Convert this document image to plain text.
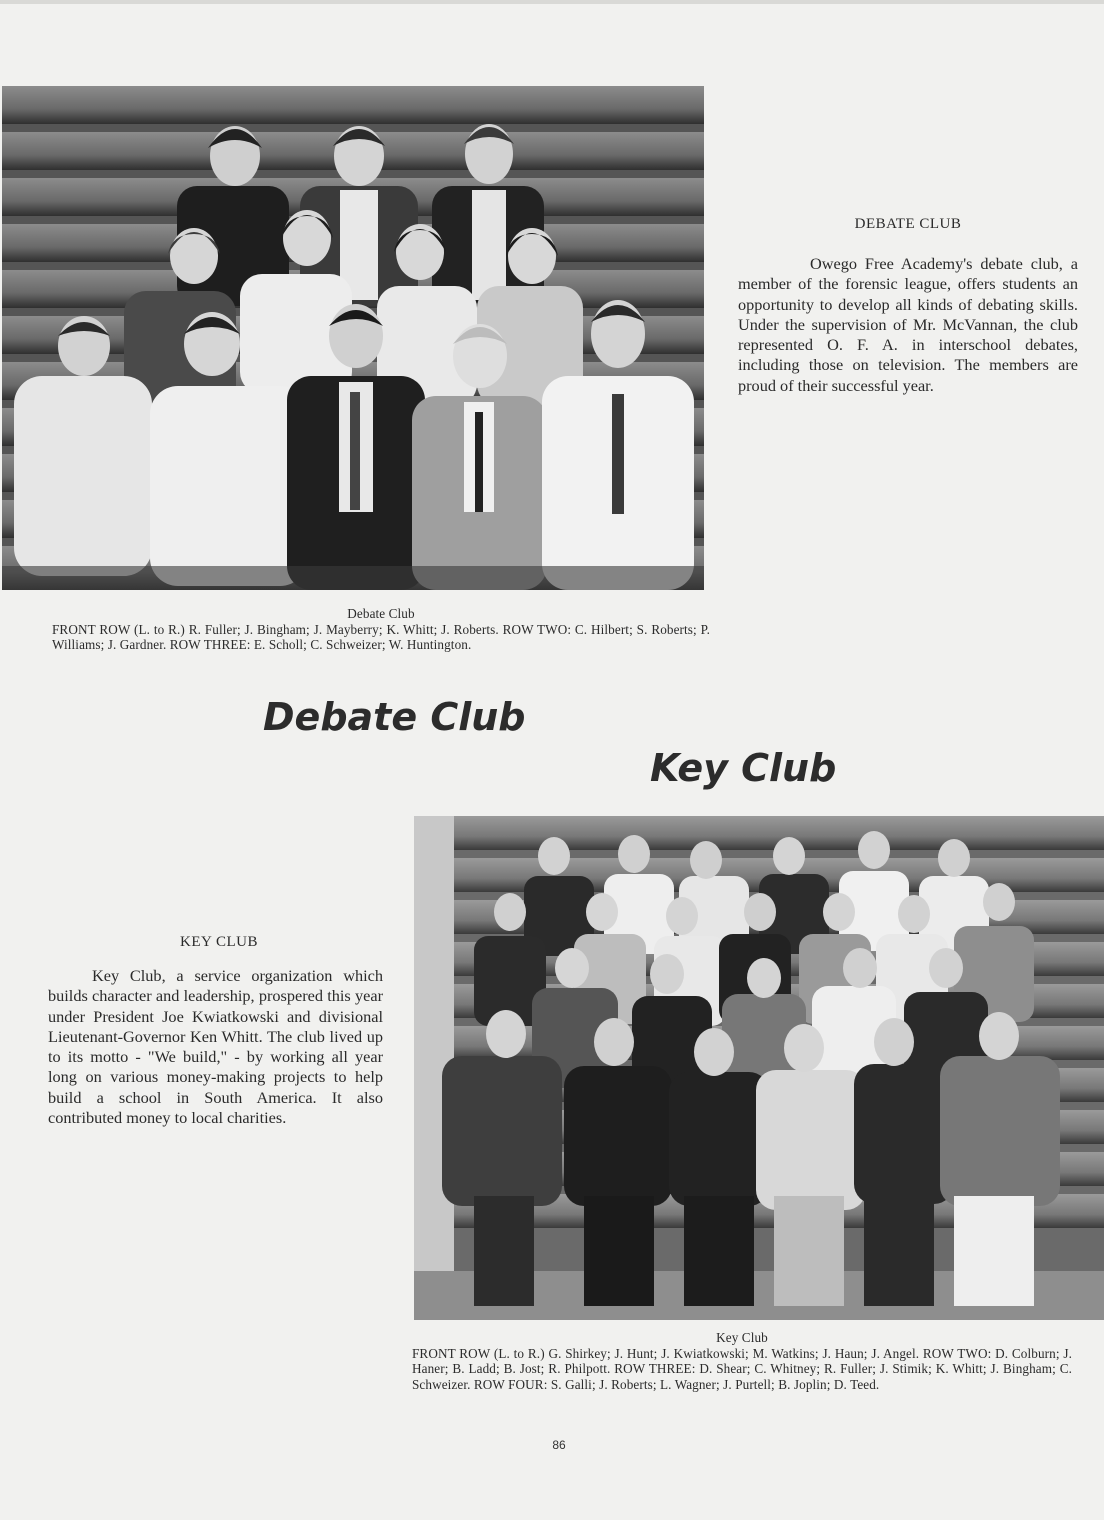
DEBATE CLUB
Owego Free Academy's debate club, a member of the forensic league, offers students an opportunity to develop all kinds of debating skills. Under the supervision of Mr. McVannan, the club represented O. F. A. in interschool debates, including those on television. The members are proud of their successful year.
Debate Club
FRONT ROW (L. to R.) R. Fuller; J. Bingham; J. Mayberry; K. Whitt; J. Roberts. ROW TWO: C. Hilbert; S. Roberts; P. Williams; J. Gardner. ROW THREE: E. Scholl; C. Schweizer; W. Huntington.
Debate Club
Key Club
KEY CLUB
Key Club, a service organization which builds character and leadership, prospered this year under President Joe Kwiatkowski and divisional Lieutenant-Governor Ken Whitt. The club lived up to its motto - "We build," - by working all year long on various money-making projects to help build a school in South America. It also contributed money to local charities.
Key Club
FRONT ROW (L. to R.) G. Shirkey; J. Hunt; J. Kwiatkowski; M. Watkins; J. Haun; J. Angel. ROW TWO: D. Colburn; J. Haner; B. Ladd; B. Jost; R. Philpott. ROW THREE: D. Shear; C. Whitney; R. Fuller; J. Stimik; K. Whitt; J. Bingham; C. Schweizer. ROW FOUR: S. Galli; J. Roberts; L. Wagner; J. Purtell; B. Joplin; D. Teed.
86
